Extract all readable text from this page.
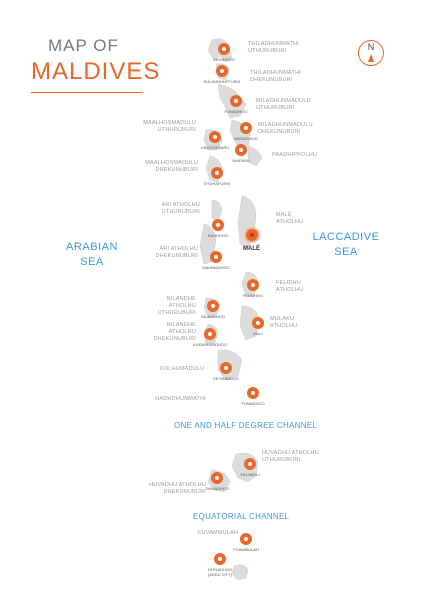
MAP OF
MALDIVES
N
ARABIAN
SEA
LACCADIVE
SEA
ONE AND HALF DEGREE CHANNEL
EQUATORIAL CHANNEL
THILADHUNMATHI
UTHURUBURI
THILADHUNMATHI
DHEKUNUBURI
MILADHUNMADULU
UTHURUBURI
MILADHUNMADULU
DHEKUNUBURI
MAALHOSMADULU
UTHURUBURI
PAADHIPPOLHU
MAALHOSMADULU
DHEKUNUBURI
ARI ATHOLHU
UTHURUBURI	MALÉ
ATHOLHU
ARI ATHOLHU
DHEKUNUBURI
FELIDHU
ATHOLHU
NILANDHE ATHOLHU
UTHURUBURI
MULAKU
ATHOLHU
NILANDHE ATHOLHU
DHEKUNUBURI
KOLHUMADULU
HADHDHUNMATHI
HUVADHU ATHOLHU
UTHURUBURI
HUVADHU ATHOLHU
DHEKUNUBURI
FUVAMMULAH
DIDHDHOO
KULHUDHUFFUSHI
FUNADHOO
MANADHOO
UNGOOFAARU
NAIFARU
EYDHAFUSHI
RASDHOO
MALÉ
MAHIBADHOO
FELIDHOO
NILANDHOO
MULI
KUDAHUVADHOO
VEYMANDOO
FONADHOO
VILLINGILI
THINADHOO
FOAMMULAH
HITHADHOO
(ADDU CITY)
